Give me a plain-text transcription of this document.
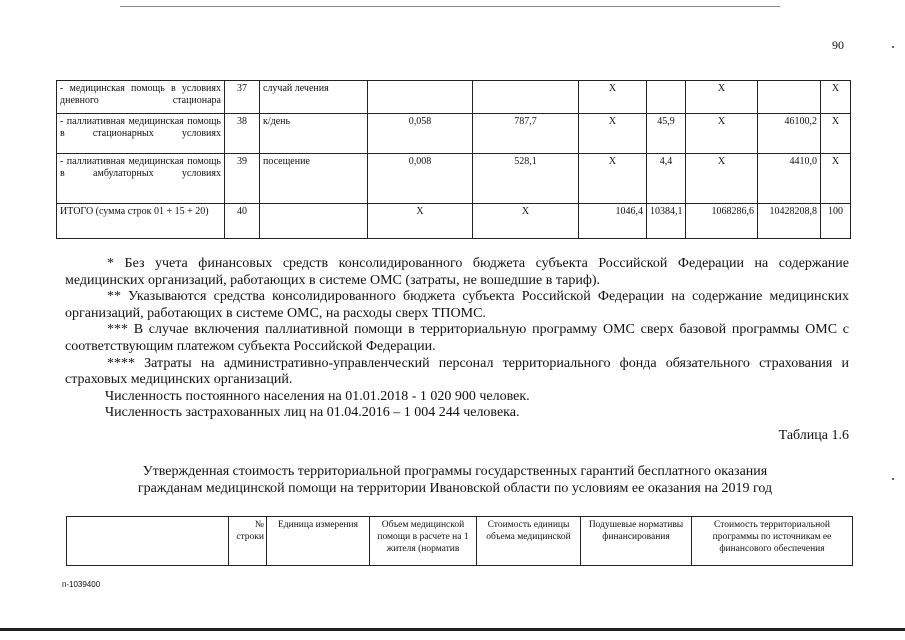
90
- медицинская помощь в условиях дневного стационара	37	случай лечения			Х		Х		Х
- паллиативная медицинская помощь в стационарных условиях	38	к/день	0,058	787,7	Х	45,9	Х	46100,2	Х
- паллиативная медицинская помощь в амбулаторных условиях	39	посещение	0,008	528,1	Х	4,4	Х	4410,0	Х
ИТОГО (сумма строк 01 + 15 + 20)	40		Х	Х	1046,4	10384,1	1068286,6	10428208,8	100

* Без учета финансовых средств консолидированного бюджета субъекта Российской Федерации на содержание медицинских организаций, работающих в системе ОМС (затраты, не вошедшие в тариф).

** Указываются средства консолидированного бюджета субъекта Российской Федерации на содержание медицинских организаций, работающих в системе ОМС, на расходы сверх ТПОМС.

*** В случае включения паллиативной помощи в территориальную программу ОМС сверх базовой программы ОМС с соответствующим платежом субъекта Российской Федерации.

**** Затраты на административно-управленческий персонал территориального фонда обязательного страхования и страховых медицинских организаций.

Численность постоянного населения на 01.01.2018 - 1 020 900 человек.

Численность застрахованных лиц на 01.04.2016 – 1 004 244 человека.

Таблица 1.6
Утвержденная стоимость территориальной программы государственных гарантий бесплатного оказания
гражданам медицинской помощи на территории Ивановской области по условиям ее оказания на 2019 год
	№ строки	Единица измерения	Объем медицинской помощи в расчете на 1 жителя (норматив	Стоимость единицы объема медицинской	Подушевые нормативы финансирования	Стоимость территориальной программы по источникам ее финансового обеспечения
п-1039400
